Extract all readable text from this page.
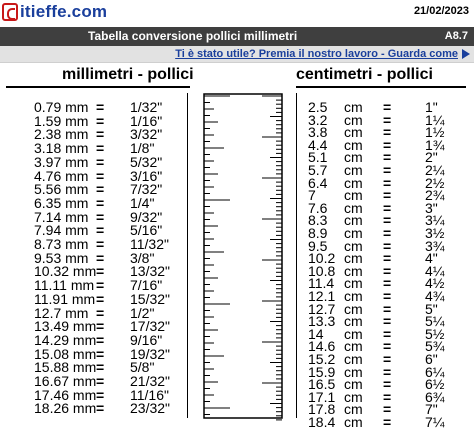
itieffe.com	21/02/2023
Tabella conversione pollici millimetri	A8.7
Ti è stato utile? Premia il nostro lavoro - Guarda come
millimetri - pollici	centimetri - pollici
0.79 mm = 1/32"
1.59 mm = 1/16"
2.38 mm = 3/32"
3.18 mm = 1/8"
3.97 mm = 5/32"
4.76 mm = 3/16"
5.56 mm = 7/32"
6.35 mm = 1/4"
7.14 mm = 9/32"
7.94 mm = 5/16"
8.73 mm = 11/32"
9.53 mm = 3/8"
10.32 mm = 13/32"
11.11 mm = 7/16"
11.91 mm = 15/32"
12.7 mm = 1/2"
13.49 mm = 17/32"
14.29 mm = 9/16"
15.08 mm = 19/32"
15.88 mm = 5/8"
16.67 mm = 21/32"
17.46 mm = 11/16"
18.26 mm = 23/32"
2.5 cm = 1"
3.2 cm = 1¼
3.8 cm = 1½
4.4 cm = 1¾
5.1 cm = 2"
5.7 cm = 2¼
6.4 cm = 2½
7 cm = 2¾
7.6 cm = 3"
8.3 cm = 3¼
8.9 cm = 3½
9.5 cm = 3¾
10.2 cm = 4"
10.8 cm = 4¼
11.4 cm = 4½
12.1 cm = 4¾
12.7 cm = 5"
13.3 cm = 5¼
14 cm = 5½
14.6 cm = 5¾
15.2 cm = 6"
15.9 cm = 6¼
16.5 cm = 6½
17.1 cm = 6¾
17.8 cm = 7"
18.4 cm = 7¼
